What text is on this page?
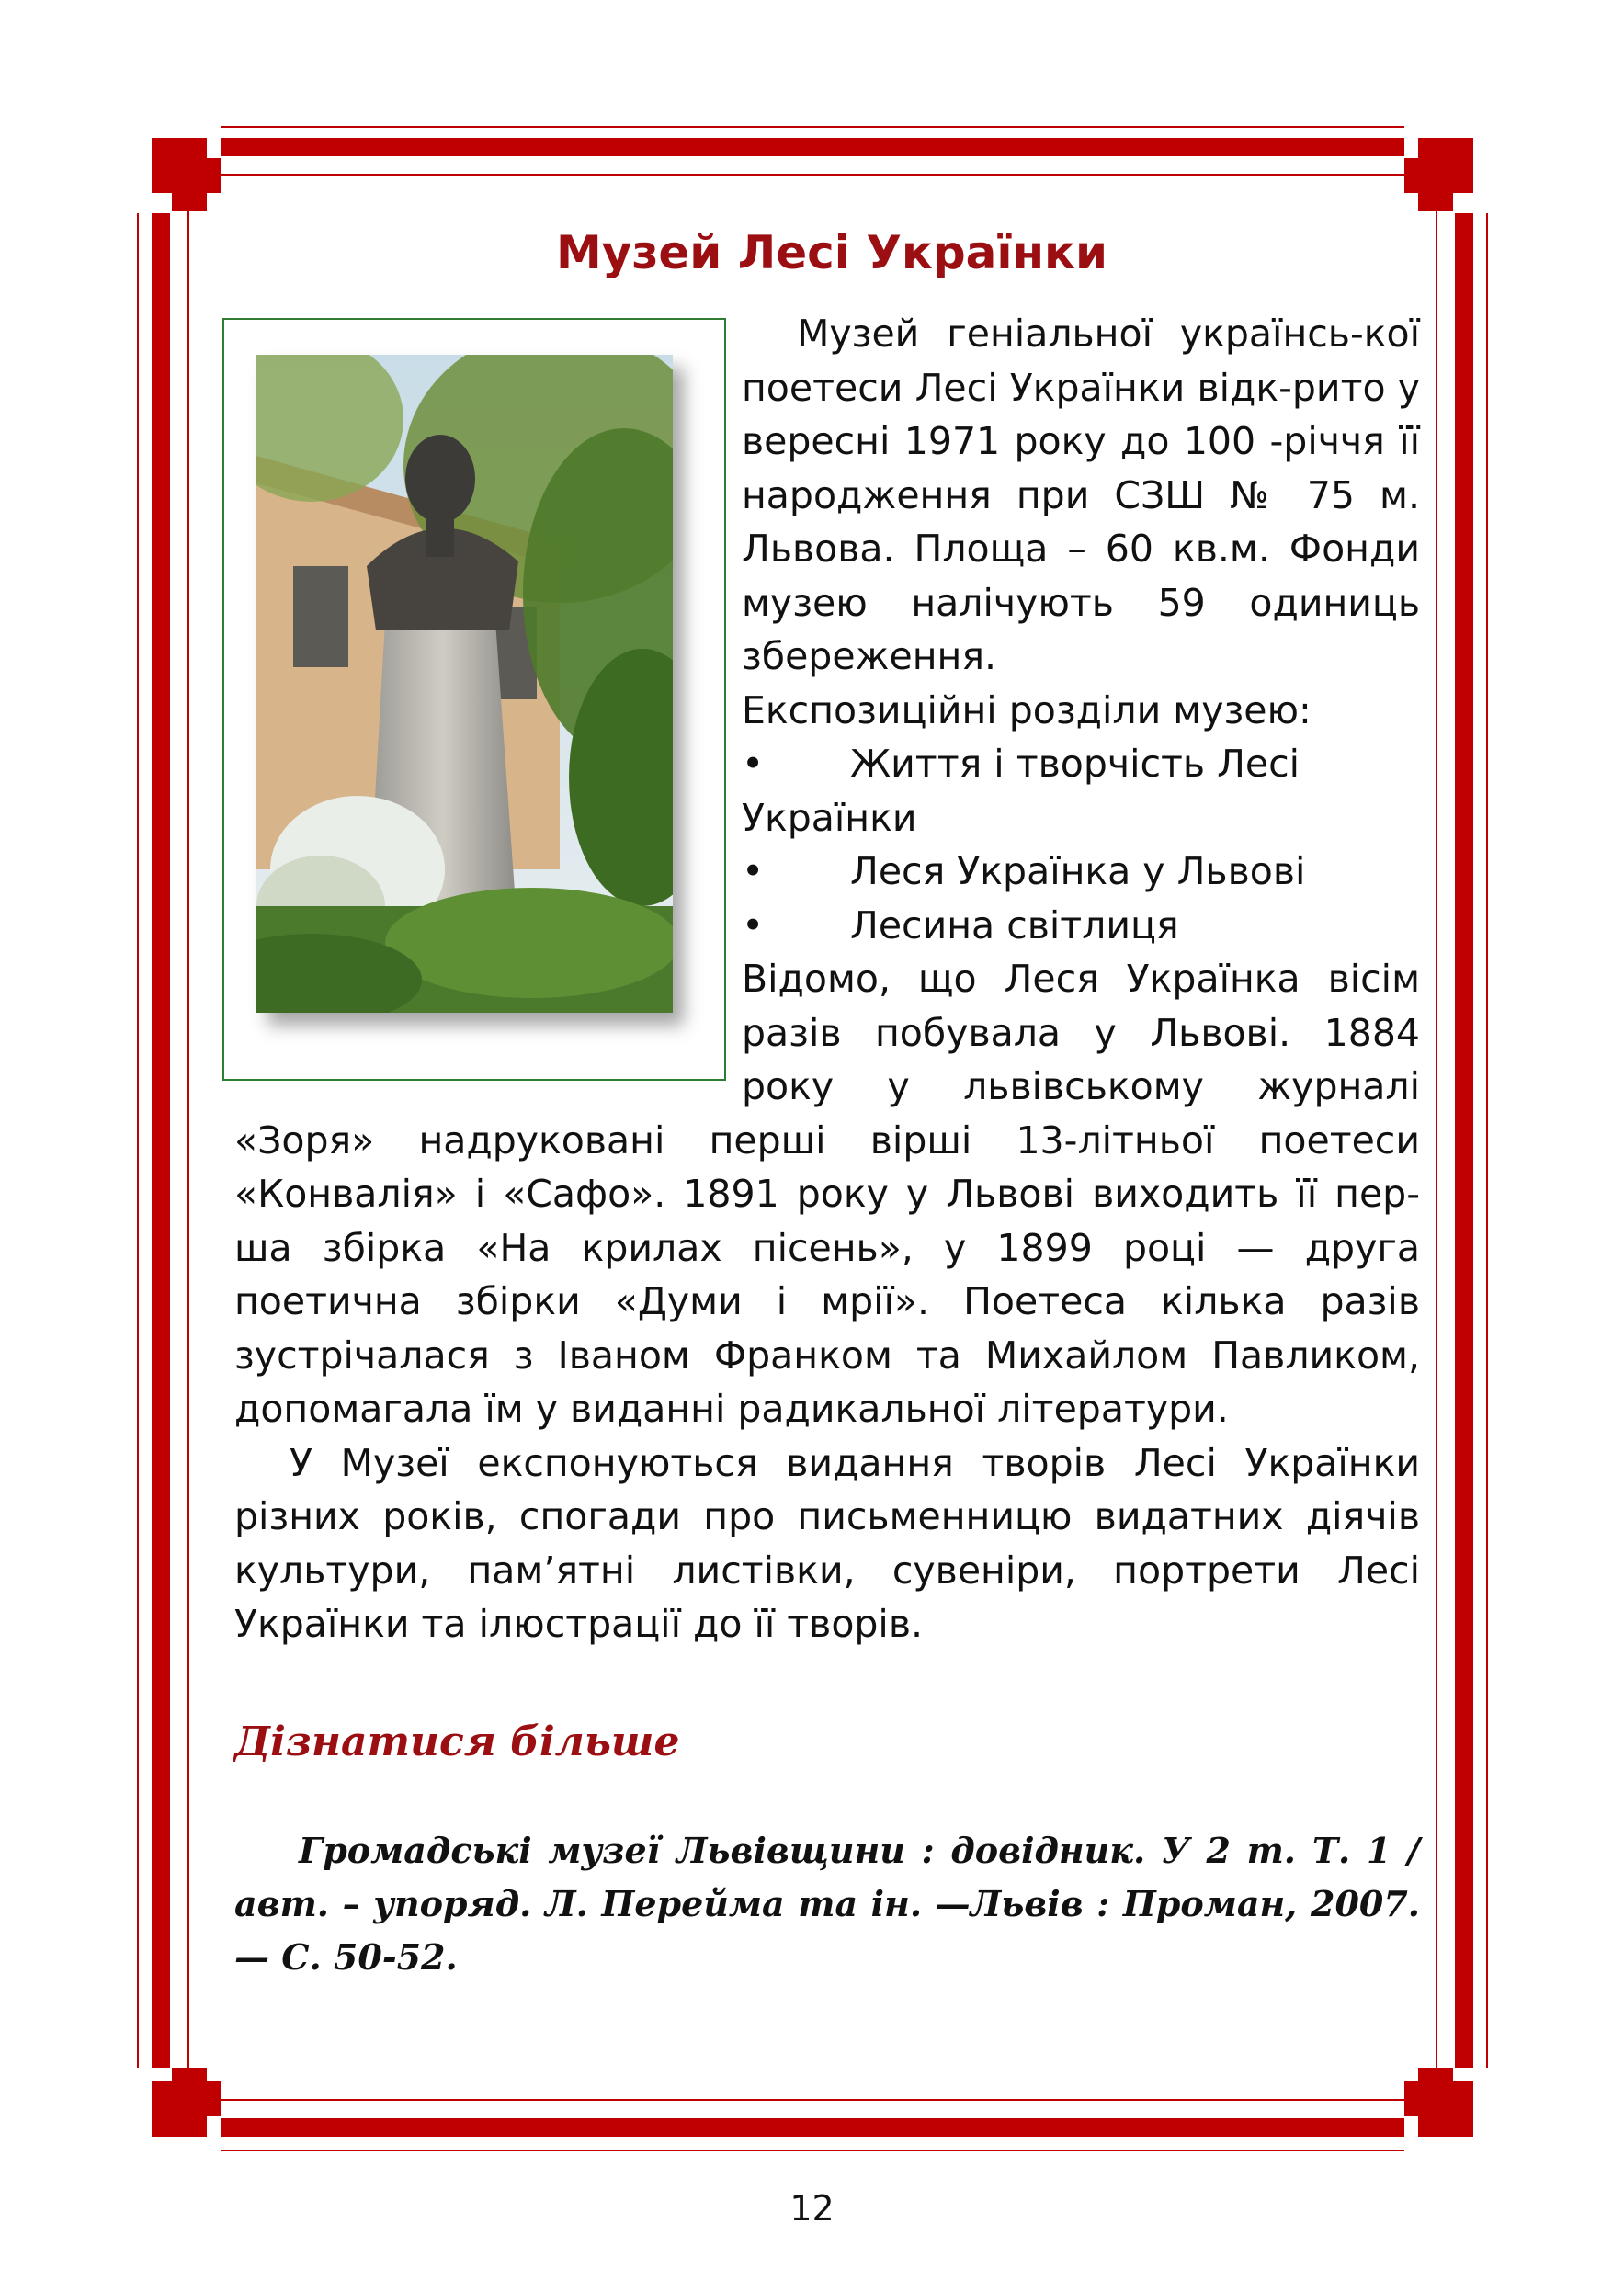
Музей Лесі Українки

Музей геніальної українсь-кої поетеси Лесі Українки відк-рито у вересні 1971 року до 100 -річчя її народження при СЗШ № 75 м. Львова. Площа – 60 кв.м. Фонди музею налічують 59 одиниць збереження.

Експозиційні розділи музею:

• Життя і творчість Лесі Українки

• Леся Українка у Львові

• Лесина світлиця

Відомо, що Леся Українка вісім разів побувала у Львові. 1884 року у львівському журналі «Зоря» надруковані перші вірші 13-літньої поетеси «Конвалія» і «Сафо». 1891 року у Львові виходить її пер-ша збірка «На крилах пісень», у 1899 році — друга поетична збірки «Думи і мрії». Поетеса кілька разів зустрічалася з Іваном Франком та Михайлом Павликом, допомагала їм у виданні радикальної літератури.

У Музеї експонуються видання творів Лесі Українки різних років, спогади про письменницю видатних діячів культури, пам’ятні листівки, сувеніри, портрети Лесі Українки та ілюстрації до її творів.

Дізнатися більше
Громадські музеї Львівщини : довідник. У 2 т. Т. 1 / авт. – упоряд. Л. Перейма та ін. —Львів : Проман, 2007.— С. 50-52.
12
